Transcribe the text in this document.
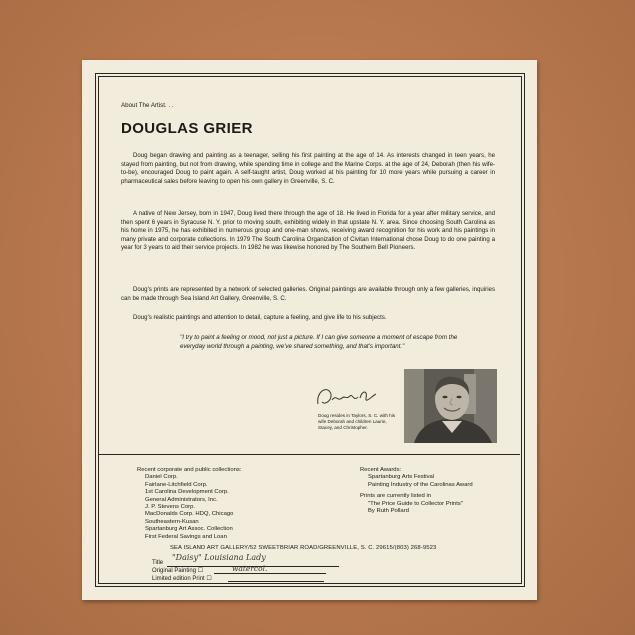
About The Artist. . .
DOUGLAS GRIER
Doug began drawing and painting as a teenager, selling his first painting at the age of 14. As interests changed in teen years, he stayed from painting, but not from drawing, while spending time in college and the Marine Corps. at the age of 24, Deborah (then his wife-to-be), encouraged Doug to paint again. A self-taught artist, Doug worked at his painting for 10 more years while pursuing a career in pharmaceutical sales before leaving to open his own gallery in Greenville, S. C.
A native of New Jersey, born in 1947, Doug lived there through the age of 18. He lived in Florida for a year after military service, and then spent 6 years in Syracuse N. Y. prior to moving south, exhibiting widely in that upstate N. Y. area. Since choosing South Carolina as his home in 1975, he has exhibited in numerous group and one-man shows, receiving award recognition for his work and his paintings in many private and corporate collections. In 1979 The South Carolina Organization of Civitan International chose Doug to do one painting a year for 3 years to aid their service projects. In 1982 he was likewise honored by The Southern Bell Pioneers.
Doug's prints are represented by a network of selected galleries. Original paintings are available through only a few galleries, inquiries can be made through Sea Island Art Gallery, Greenville, S. C.
Doug's realistic paintings and attention to detail, capture a feeling, and give life to his subjects.
"I try to paint a feeling or mood, not just a picture. If I can give someone a moment of escape from the everyday world through a painting, we've shared something, and that's important."
Doug resides in Taylors, S. C. with his wife Deborah and children Laurie, Stacey, and Christopher.
Recent corporate and public collections:
Daniel Corp.
Fairlane-Litchfield Corp.
1st Carolina Development Corp.
General Administrators, Inc.
J. P. Stevens Corp.
MacDonalds Corp. HDQ, Chicago
Southeastern-Kusan
Spartanburg Art Assoc. Collection
First Federal Savings and Loan
Recent Awards:
Spartanburg Arts Festival
Painting Industry of the Carolinas Award
Prints are currently listed in
"The Price Guide to Collector Prints"
By Ruth Pollard
SEA ISLAND ART GALLERY/52 SWEETBRIAR ROAD/GREENVILLE, S. C. 29615/(803) 268-9523
Title
"Daisy" Louisiana Lady
Original Painting ☐	watercol.
Limited edition Print ☐
